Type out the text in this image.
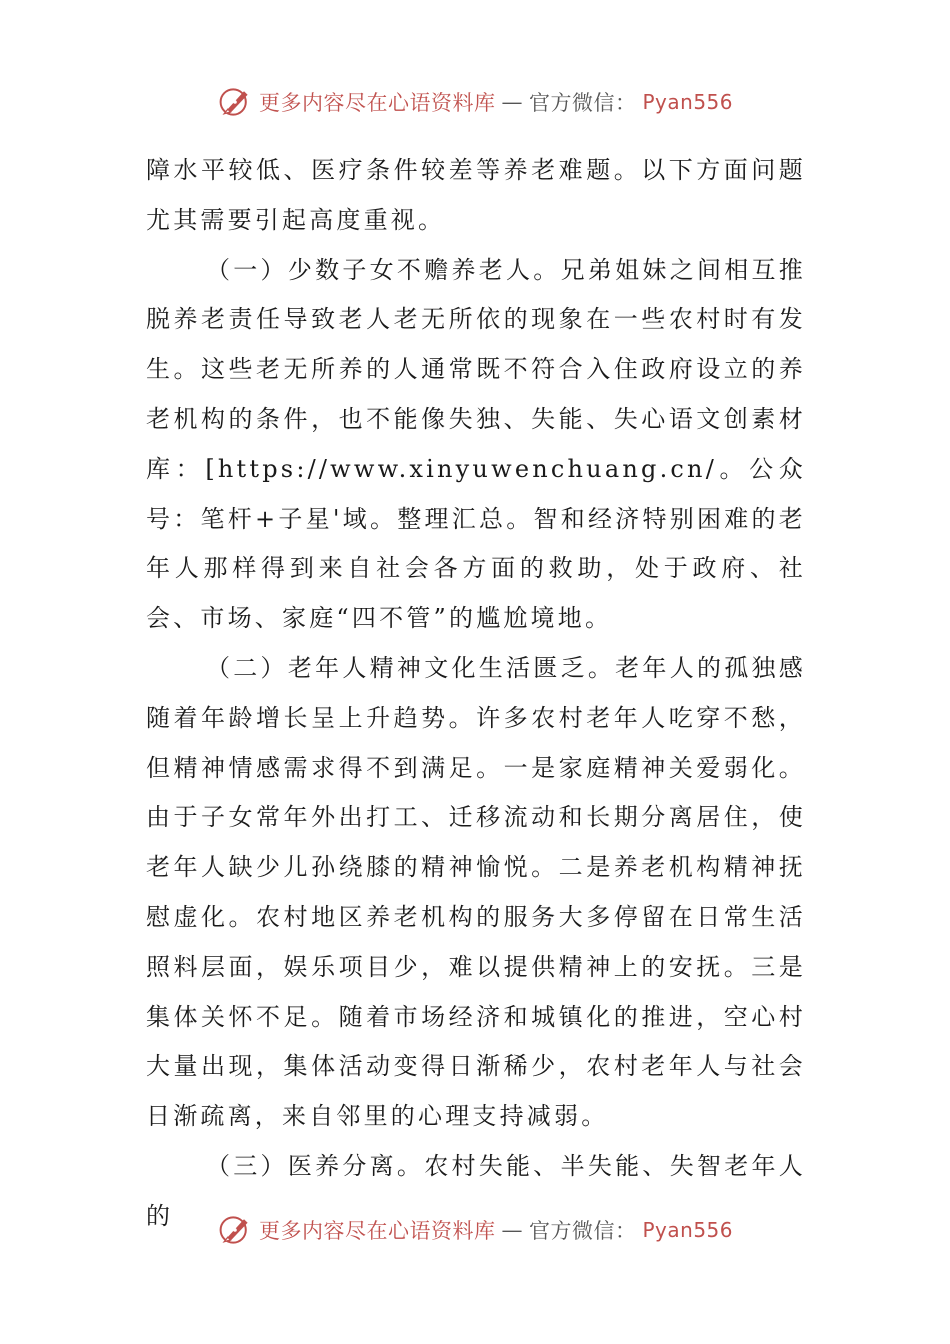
更多内容尽在心语资料库 — 官方微信： Pyan556

障水平较低、医疗条件较差等养老难题。以下方面问题尤其需要引起高度重视。

（一）少数子女不赡养老人。兄弟姐妹之间相互推脱养老责任导致老人老无所依的现象在一些农村时有发生。这些老无所养的人通常既不符合入住政府设立的养老机构的条件，也不能像失独、失能、失心语文创素材库：[https://www.xinyuwenchuang.cn/。公众号：笔杆+子星'域。整理汇总。智和经济特别困难的老年人那样得到来自社会各方面的救助，处于政府、社会、市场、家庭“四不管”的尴尬境地。

（二）老年人精神文化生活匮乏。老年人的孤独感随着年龄增长呈上升趋势。许多农村老年人吃穿不愁，但精神情感需求得不到满足。一是家庭精神关爱弱化。由于子女常年外出打工、迁移流动和长期分离居住，使老年人缺少儿孙绕膝的精神愉悦。二是养老机构精神抚慰虚化。农村地区养老机构的服务大多停留在日常生活照料层面，娱乐项目少，难以提供精神上的安抚。三是集体关怀不足。随着市场经济和城镇化的推进，空心村大量出现，集体活动变得日渐稀少，农村老年人与社会日渐疏离，来自邻里的心理支持减弱。

（三）医养分离。农村失能、半失能、失智老年人的

更多内容尽在心语资料库 — 官方微信： Pyan556
